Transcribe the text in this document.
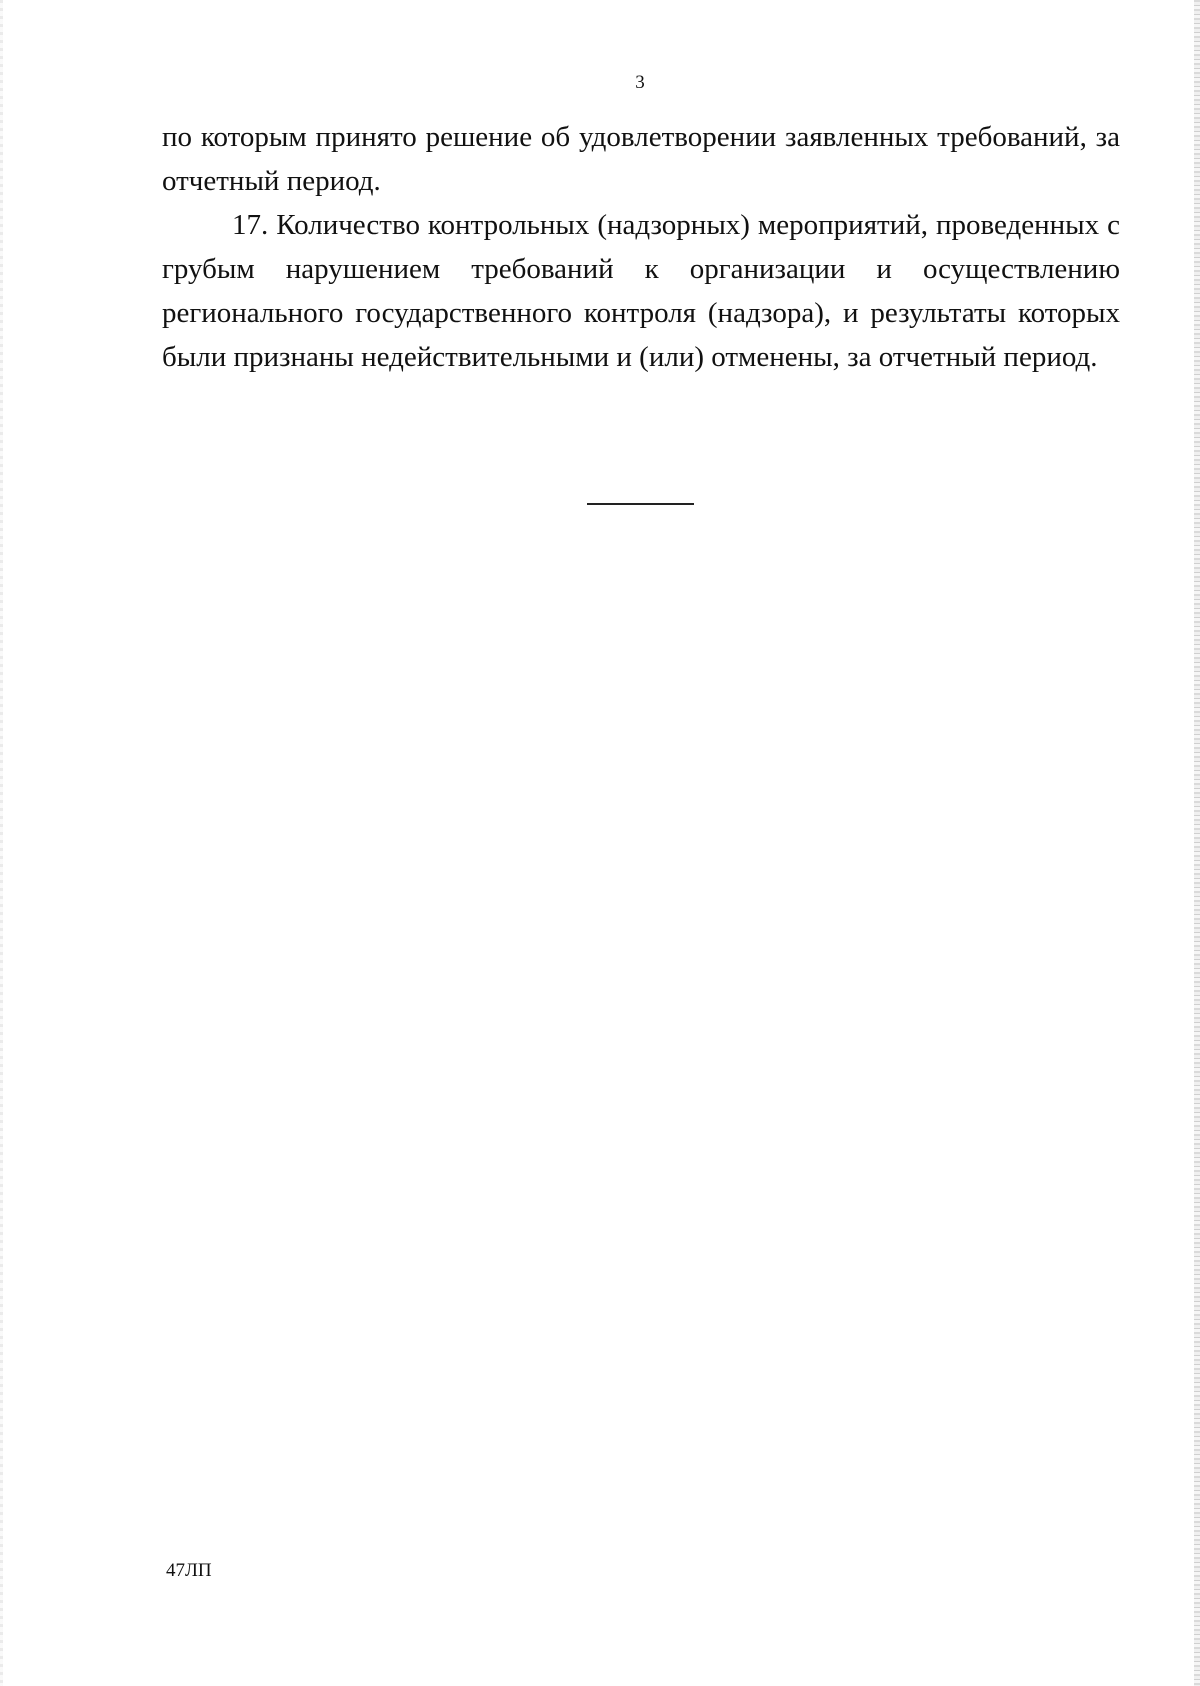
3

по которым принято решение об удовлетворении заявленных требований, за отчетный период.

17. Количество контрольных (надзорных) мероприятий, проведенных с грубым нарушением требований к организации и осуществлению регионального государственного контроля (надзора), и результаты которых были признаны недействительными и (или) отменены, за отчетный период.

47ЛП
